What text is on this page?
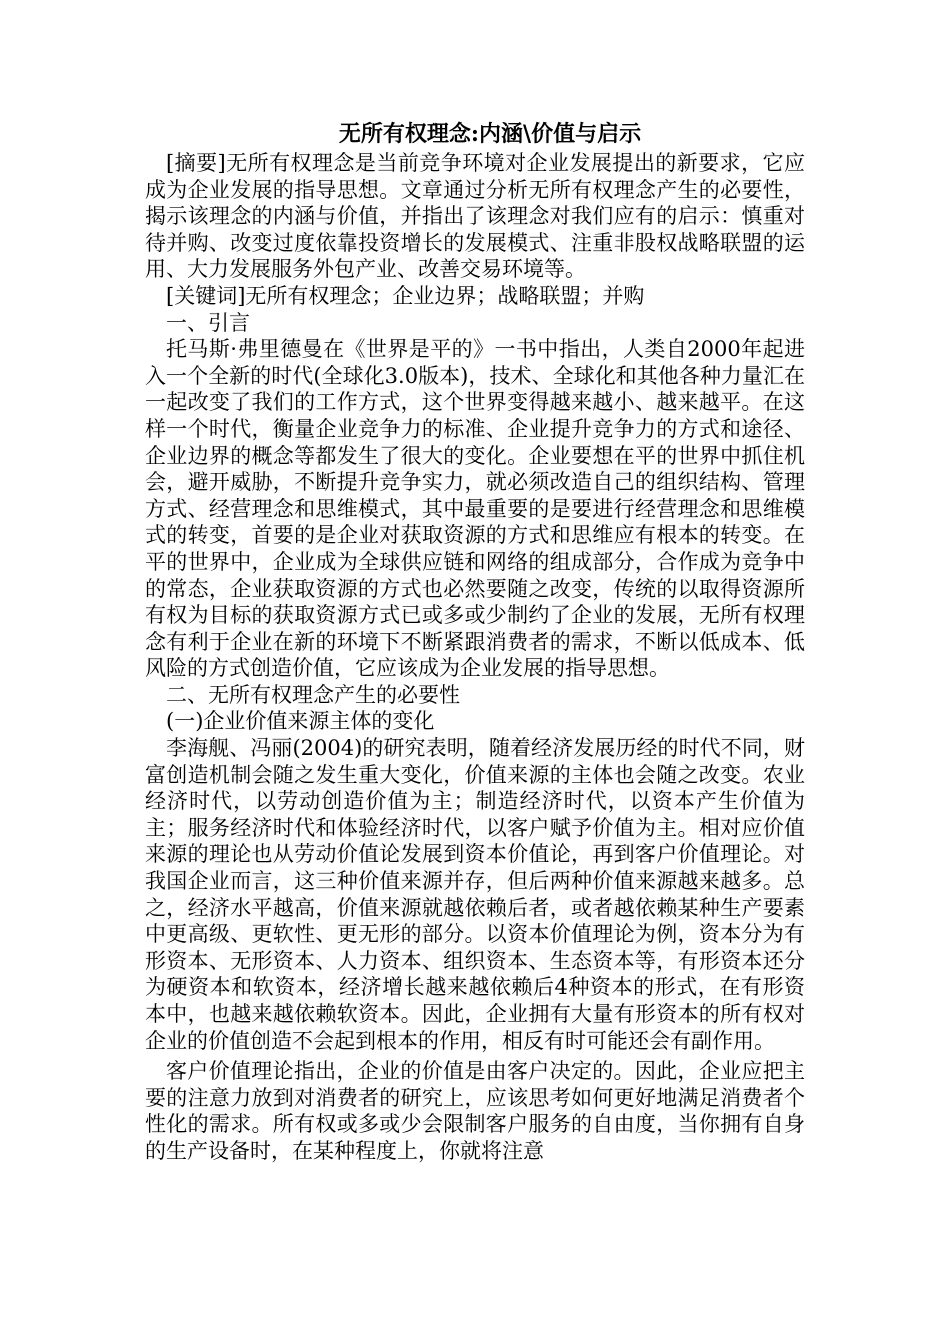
无所有权理念:内涵\价值与启示

[摘要]无所有权理念是当前竞争环境对企业发展提出的新要求，它应成为企业发展的指导思想。文章通过分析无所有权理念产生的必要性，揭示该理念的内涵与价值，并指出了该理念对我们应有的启示：慎重对待并购、改变过度依靠投资增长的发展模式、注重非股权战略联盟的运用、大力发展服务外包产业、改善交易环境等。

[关键词]无所有权理念；企业边界；战略联盟；并购

一、引言

托马斯·弗里德曼在《世界是平的》一书中指出，人类自2000年起进入一个全新的时代(全球化3.0版本)，技术、全球化和其他各种力量汇在一起改变了我们的工作方式，这个世界变得越来越小、越来越平。在这样一个时代，衡量企业竞争力的标准、企业提升竞争力的方式和途径、企业边界的概念等都发生了很大的变化。企业要想在平的世界中抓住机会，避开威胁，不断提升竞争实力，就必须改造自己的组织结构、管理方式、经营理念和思维模式，其中最重要的是要进行经营理念和思维模式的转变，首要的是企业对获取资源的方式和思维应有根本的转变。在平的世界中，企业成为全球供应链和网络的组成部分，合作成为竞争中的常态，企业获取资源的方式也必然要随之改变，传统的以取得资源所有权为目标的获取资源方式已或多或少制约了企业的发展，无所有权理念有利于企业在新的环境下不断紧跟消费者的需求，不断以低成本、低风险的方式创造价值，它应该成为企业发展的指导思想。

二、无所有权理念产生的必要性

(一)企业价值来源主体的变化

李海舰、冯丽(2004)的研究表明，随着经济发展历经的时代不同，财富创造机制会随之发生重大变化，价值来源的主体也会随之改变。农业经济时代，以劳动创造价值为主；制造经济时代，以资本产生价值为主；服务经济时代和体验经济时代，以客户赋予价值为主。相对应价值来源的理论也从劳动价值论发展到资本价值论，再到客户价值理论。对我国企业而言，这三种价值来源并存，但后两种价值来源越来越多。总之，经济水平越高，价值来源就越依赖后者，或者越依赖某种生产要素中更高级、更软性、更无形的部分。以资本价值理论为例，资本分为有形资本、无形资本、人力资本、组织资本、生态资本等，有形资本还分为硬资本和软资本，经济增长越来越依赖后4种资本的形式，在有形资本中，也越来越依赖软资本。因此，企业拥有大量有形资本的所有权对企业的价值创造不会起到根本的作用，相反有时可能还会有副作用。

客户价值理论指出，企业的价值是由客户决定的。因此，企业应把主要的注意力放到对消费者的研究上，应该思考如何更好地满足消费者个性化的需求。所有权或多或少会限制客户服务的自由度，当你拥有自身的生产设备时，在某种程度上，你就将注意
